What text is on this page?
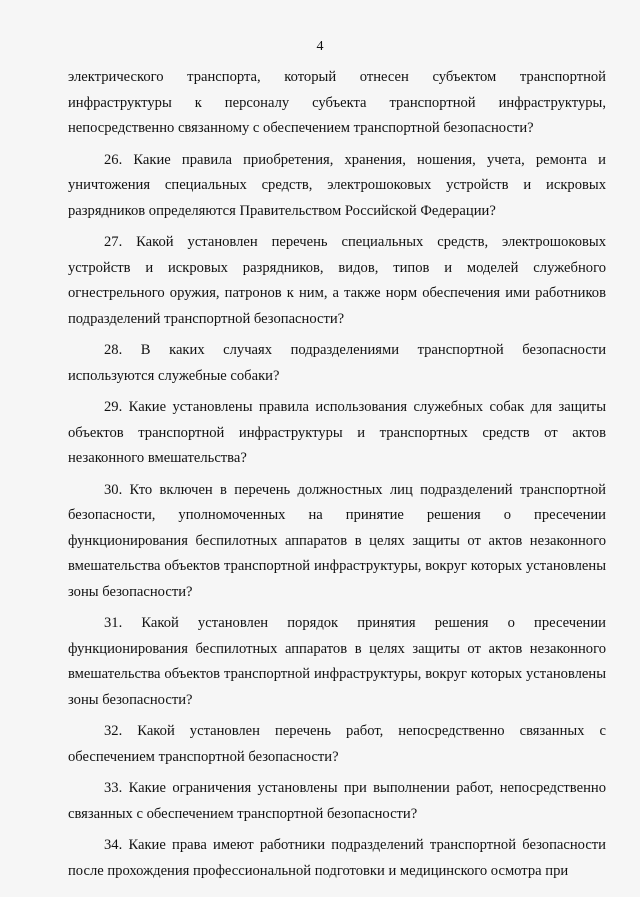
4

электрического транспорта, который отнесен субъектом транспортной инфраструктуры к персоналу субъекта транспортной инфраструктуры, непосредственно связанному с обеспечением транспортной безопасности?

26. Какие правила приобретения, хранения, ношения, учета, ремонта и уничтожения специальных средств, электрошоковых устройств и искровых разрядников определяются Правительством Российской Федерации?

27. Какой установлен перечень специальных средств, электрошоковых устройств и искровых разрядников, видов, типов и моделей служебного огнестрельного оружия, патронов к ним, а также норм обеспечения ими работников подразделений транспортной безопасности?

28. В каких случаях подразделениями транспортной безопасности используются служебные собаки?

29. Какие установлены правила использования служебных собак для защиты объектов транспортной инфраструктуры и транспортных средств от актов незаконного вмешательства?

30. Кто включен в перечень должностных лиц подразделений транспортной безопасности, уполномоченных на принятие решения о пресечении функционирования беспилотных аппаратов в целях защиты от актов незаконного вмешательства объектов транспортной инфраструктуры, вокруг которых установлены зоны безопасности?

31. Какой установлен порядок принятия решения о пресечении функционирования беспилотных аппаратов в целях защиты от актов незаконного вмешательства объектов транспортной инфраструктуры, вокруг которых установлены зоны безопасности?

32. Какой установлен перечень работ, непосредственно связанных с обеспечением транспортной безопасности?

33. Какие ограничения установлены при выполнении работ, непосредственно связанных с обеспечением транспортной безопасности?

34. Какие права имеют работники подразделений транспортной безопасности после прохождения профессиональной подготовки и медицинского осмотра при
